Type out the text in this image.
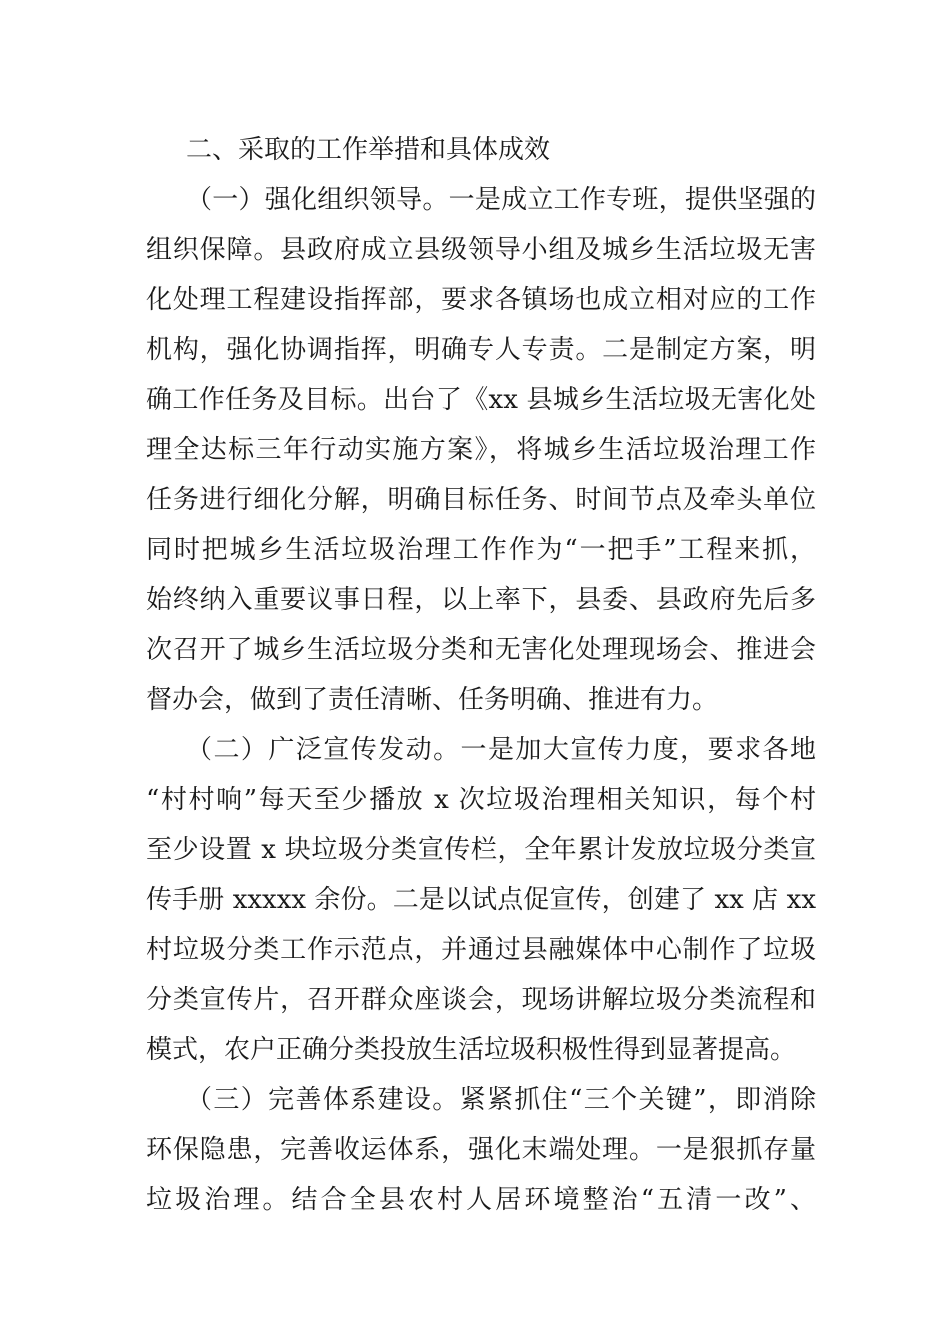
二、采取的工作举措和具体成效
（一）强化组织领导。一是成立工作专班，提供坚强的
组织保障。县政府成立县级领导小组及城乡生活垃圾无害
化处理工程建设指挥部，要求各镇场也成立相对应的工作
机构，强化协调指挥，明确专人专责。二是制定方案，明
确工作任务及目标。出台了《xx 县城乡生活垃圾无害化处
理全达标三年行动实施方案》，将城乡生活垃圾治理工作
任务进行细化分解，明确目标任务、时间节点及牵头单位
同时把城乡生活垃圾治理工作作为“一把手”工程来抓，
始终纳入重要议事日程，以上率下，县委、县政府先后多
次召开了城乡生活垃圾分类和无害化处理现场会、推进会
督办会，做到了责任清晰、任务明确、推进有力。
（二）广泛宣传发动。一是加大宣传力度，要求各地
“村村响”每天至少播放 x 次垃圾治理相关知识，每个村
至少设置 x 块垃圾分类宣传栏，全年累计发放垃圾分类宣
传手册 xxxxx 余份。二是以试点促宣传，创建了 xx 店 xx
村垃圾分类工作示范点，并通过县融媒体中心制作了垃圾
分类宣传片，召开群众座谈会，现场讲解垃圾分类流程和
模式，农户正确分类投放生活垃圾积极性得到显著提高。
（三）完善体系建设。紧紧抓住“三个关键”，即消除
环保隐患，完善收运体系，强化末端处理。一是狠抓存量
垃圾治理。结合全县农村人居环境整治“五清一改”、
